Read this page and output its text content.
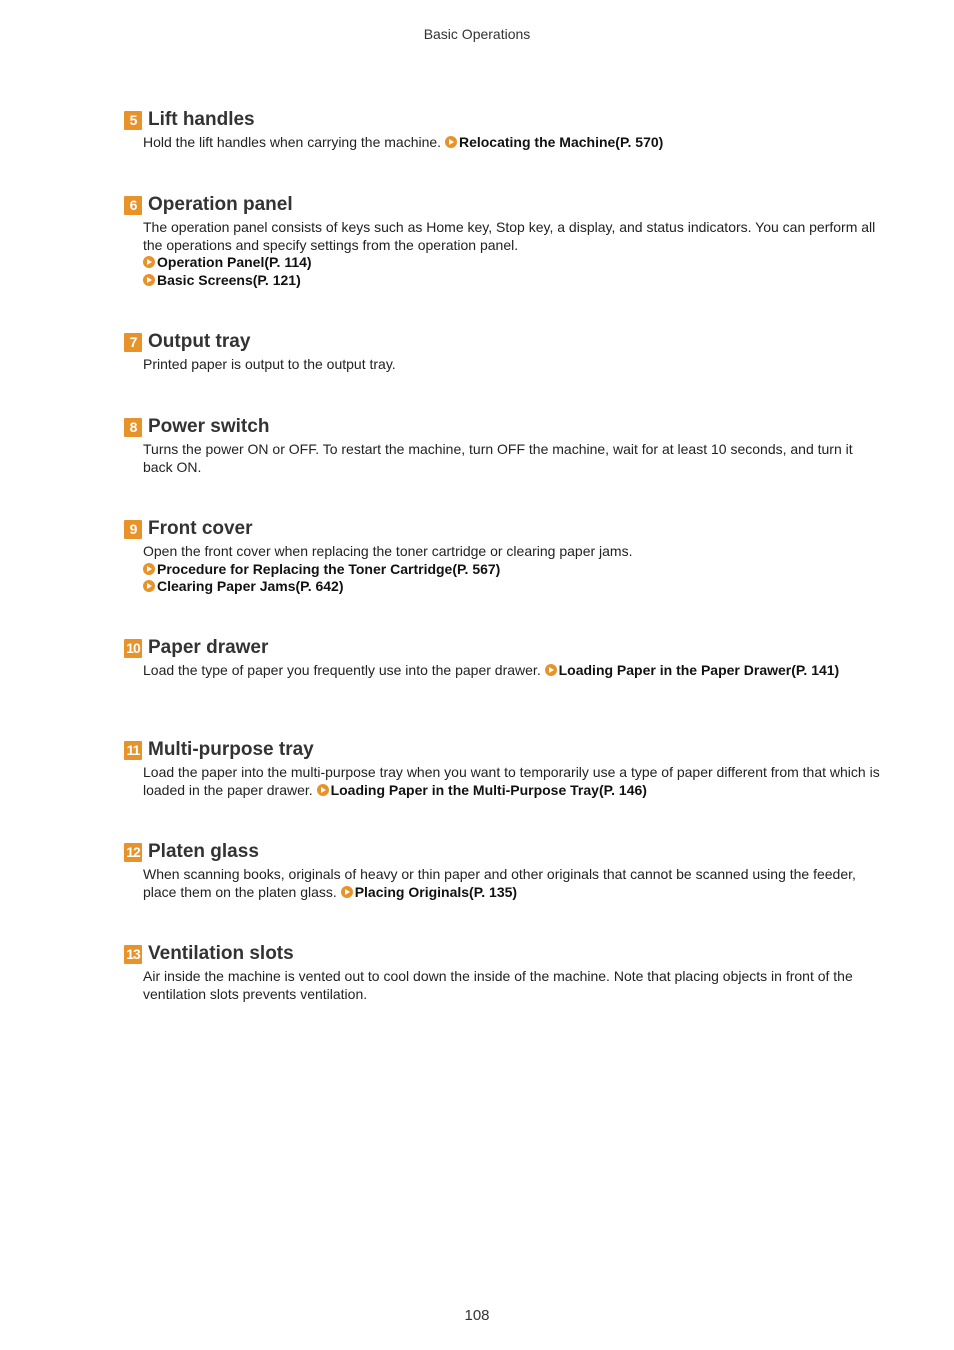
Basic Operations
5 Lift handles
Hold the lift handles when carrying the machine. Relocating the Machine(P. 570)
6 Operation panel
The operation panel consists of keys such as Home key, Stop key, a display, and status indicators. You can perform all the operations and specify settings from the operation panel.
Operation Panel(P. 114)
Basic Screens(P. 121)
7 Output tray
Printed paper is output to the output tray.
8 Power switch
Turns the power ON or OFF. To restart the machine, turn OFF the machine, wait for at least 10 seconds, and turn it back ON.
9 Front cover
Open the front cover when replacing the toner cartridge or clearing paper jams.
Procedure for Replacing the Toner Cartridge(P. 567)
Clearing Paper Jams(P. 642)
10 Paper drawer
Load the type of paper you frequently use into the paper drawer. Loading Paper in the Paper Drawer(P. 141)
11 Multi-purpose tray
Load the paper into the multi-purpose tray when you want to temporarily use a type of paper different from that which is loaded in the paper drawer. Loading Paper in the Multi-Purpose Tray(P. 146)
12 Platen glass
When scanning books, originals of heavy or thin paper and other originals that cannot be scanned using the feeder, place them on the platen glass. Placing Originals(P. 135)
13 Ventilation slots
Air inside the machine is vented out to cool down the inside of the machine. Note that placing objects in front of the ventilation slots prevents ventilation.
108
